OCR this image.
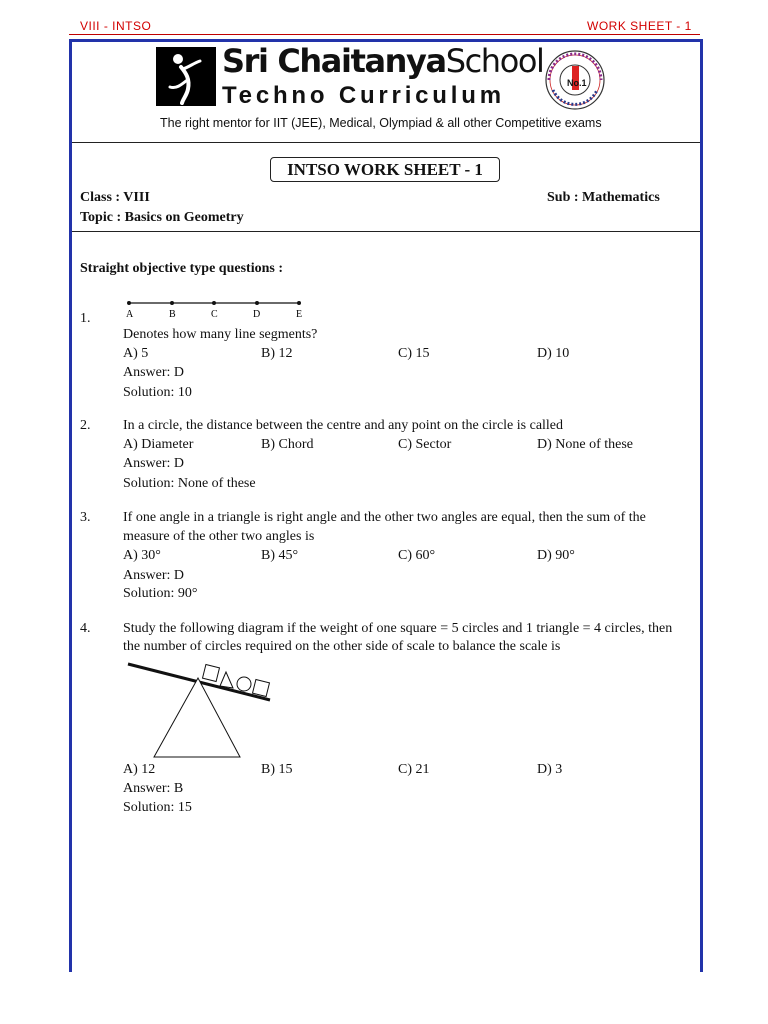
VIII - INTSO	WORK SHEET - 1
Sri ChaitanyaSchool
Techno Curriculum
The right mentor for IIT (JEE), Medical, Olympiad & all other Competitive exams
No.1
INTSO WORK SHEET - 1
Class : VIII	Sub : Mathematics
Topic : Basics on Geometry
Straight objective type questions :
1.	A	B	C	D	E
Denotes how many line segments?
A) 5	B) 12	C) 15	D) 10
Answer: D
Solution: 10
2. In a circle, the distance between the centre and any point on the circle is called
A) Diameter	B) Chord	C) Sector	D) None of these
Answer: D
Solution: None of these
3. If one angle in a triangle is right angle and the other two angles are equal, then the sum of the
measure of the other two angles is
A) 30°	B) 45°	C) 60°	D) 90°
Answer: D
Solution: 90°
4. Study the following diagram if the weight of one square = 5 circles and 1 triangle = 4 circles, then
the number of circles required on the other side of scale to balance the scale is
A) 12	B) 15	C) 21	D) 3
Answer: B
Solution: 15
